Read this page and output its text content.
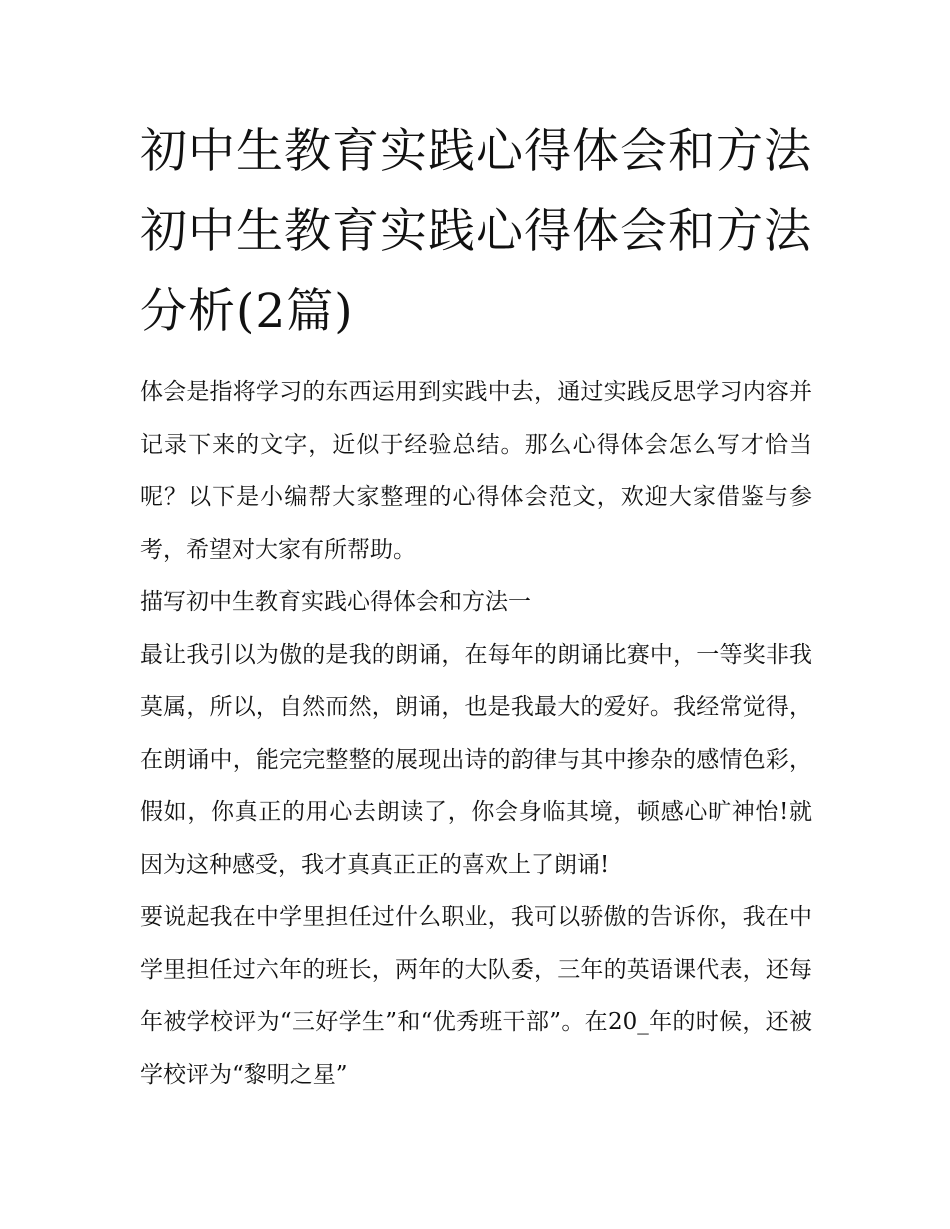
初中生教育实践心得体会和方法 初中生教育实践心得体会和方法分析(2篇)

体会是指将学习的东西运用到实践中去，通过实践反思学习内容并记录下来的文字，近似于经验总结。那么心得体会怎么写才恰当呢？以下是小编帮大家整理的心得体会范文，欢迎大家借鉴与参考，希望对大家有所帮助。

描写初中生教育实践心得体会和方法一

最让我引以为傲的是我的朗诵，在每年的朗诵比赛中，一等奖非我莫属，所以，自然而然，朗诵，也是我最大的爱好。我经常觉得，在朗诵中，能完完整整的展现出诗的韵律与其中掺杂的感情色彩，假如，你真正的用心去朗读了，你会身临其境，顿感心旷神怡!就因为这种感受，我才真真正正的喜欢上了朗诵!

要说起我在中学里担任过什么职业，我可以骄傲的告诉你，我在中学里担任过六年的班长，两年的大队委，三年的英语课代表，还每年被学校评为“三好学生”和“优秀班干部”。在20_年的时候，还被学校评为“黎明之星”
